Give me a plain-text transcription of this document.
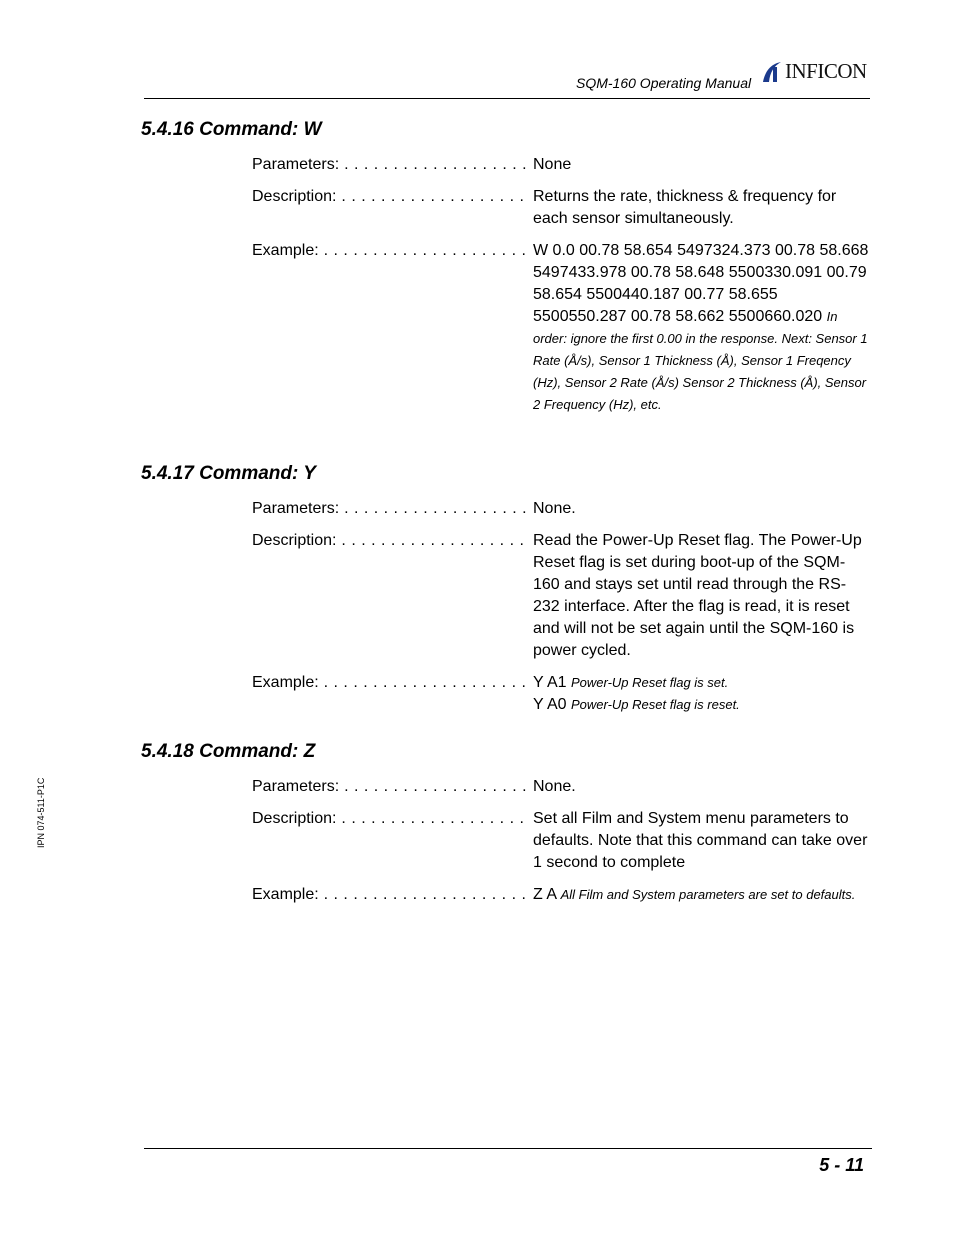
SQM-160 Operating Manual INFICON
IPN 074-511-P1C
5.4.16 Command: W
Parameters: . . . . . . . . . . . . . . . . . . . None
Description: . . . . . . . . . . . . . . . . . . . Returns the rate, thickness & frequency for each sensor simultaneously.
Example: . . . . . . . . . . . . . . . . . . . . . W 0.0 00.78 58.654 5497324.373 00.78 58.668 5497433.978 00.78 58.648 5500330.091 00.79 58.654 5500440.187 00.77 58.655 5500550.287 00.78 58.662 5500660.020 In order: ignore the first 0.00 in the response. Next: Sensor 1 Rate (Å/s), Sensor 1 Thickness (Å), Sensor 1 Freqency (Hz), Sensor 2 Rate (Å/s) Sensor 2 Thickness (Å), Sensor 2 Frequency (Hz), etc.
5.4.17 Command: Y
Parameters: . . . . . . . . . . . . . . . . . . . None.
Description: . . . . . . . . . . . . . . . . . . . Read the Power-Up Reset flag. The Power-Up Reset flag is set during boot-up of the SQM-160 and stays set until read through the RS-232 interface. After the flag is read, it is reset and will not be set again until the SQM-160 is power cycled.
Example: . . . . . . . . . . . . . . . . . . . . . Y A1 Power-Up Reset flag is set.
Y A0 Power-Up Reset flag is reset.
5.4.18 Command: Z
Parameters: . . . . . . . . . . . . . . . . . . . None.
Description: . . . . . . . . . . . . . . . . . . . Set all Film and System menu parameters to defaults. Note that this command can take over 1 second to complete
Example: . . . . . . . . . . . . . . . . . . . . . Z A All Film and System parameters are set to defaults.
5 - 11
